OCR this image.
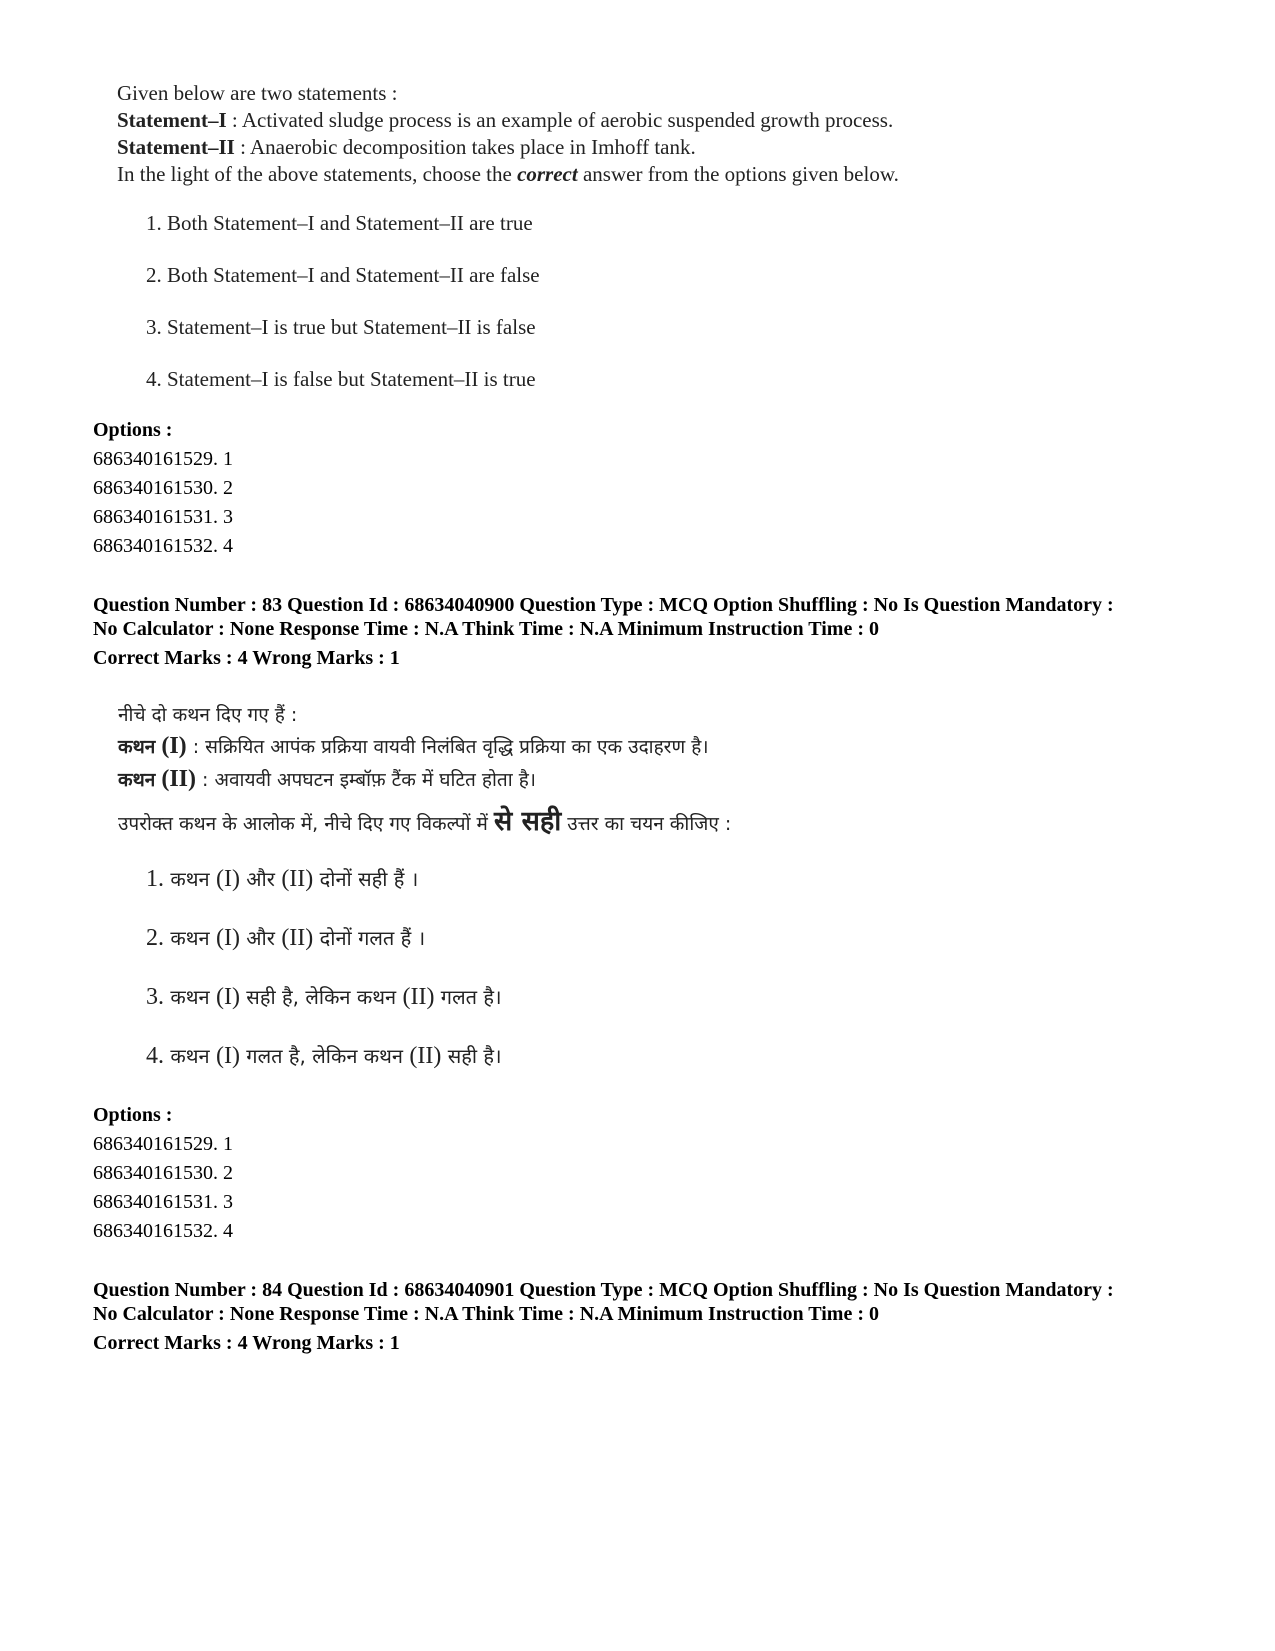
Given below are two statements :
Statement–I : Activated sludge process is an example of aerobic suspended growth process.
Statement–II : Anaerobic decomposition takes place in Imhoff tank.
In the light of the above statements, choose the correct answer from the options given below.
1. Both Statement–I and Statement–II are true
2. Both Statement–I and Statement–II are false
3. Statement–I is true but Statement–II is false
4. Statement–I is false but Statement–II is true
Options :
686340161529. 1
686340161530. 2
686340161531. 3
686340161532. 4
Question Number : 83 Question Id : 68634040900 Question Type : MCQ Option Shuffling : No Is Question Mandatory :
No Calculator : None Response Time : N.A Think Time : N.A Minimum Instruction Time : 0
Correct Marks : 4 Wrong Marks : 1
नीचे दो कथन दिए गए हैं :
कथन (I) : सक्रियित आपंक प्रक्रिया वायवी निलंबित वृद्धि प्रक्रिया का एक उदाहरण है।
कथन (II) : अवायवी अपघटन इम्बॉफ़ टैंक में घटित होता है।
उपरोक्त कथन के आलोक में, नीचे दिए गए विकल्पों में से सही उत्तर का चयन कीजिए :
1. कथन (I) और (II) दोनों सही हैं ।
2. कथन (I) और (II) दोनों गलत हैं ।
3. कथन (I) सही है, लेकिन कथन (II) गलत है।
4. कथन (I) गलत है, लेकिन कथन (II) सही है।
Options :
686340161529. 1
686340161530. 2
686340161531. 3
686340161532. 4
Question Number : 84 Question Id : 68634040901 Question Type : MCQ Option Shuffling : No Is Question Mandatory :
No Calculator : None Response Time : N.A Think Time : N.A Minimum Instruction Time : 0
Correct Marks : 4 Wrong Marks : 1
